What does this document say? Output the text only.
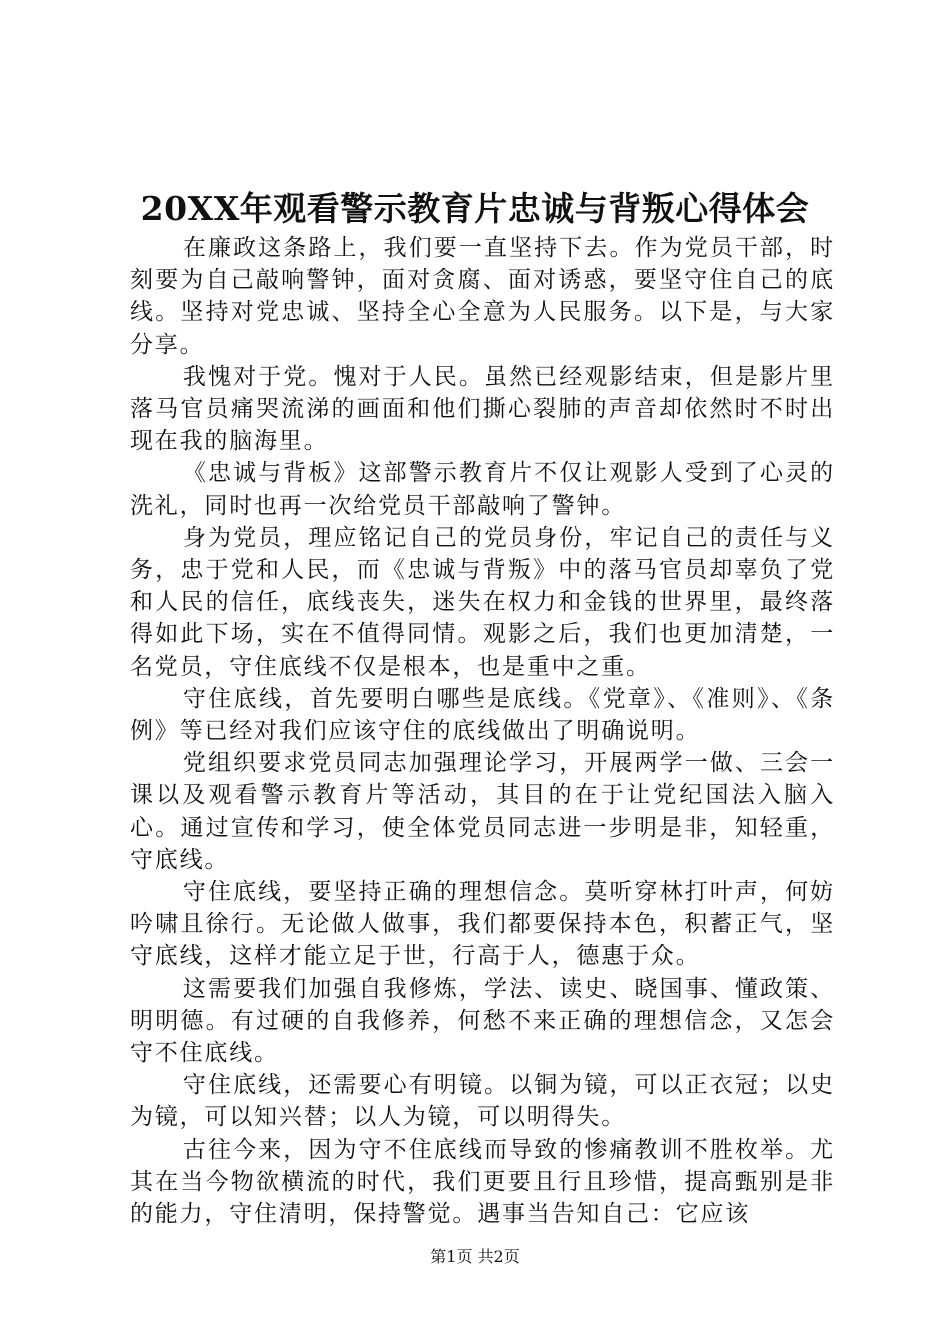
20XX年观看警示教育片忠诚与背叛心得体会

在廉政这条路上，我们要一直坚持下去。作为党员干部，时刻要为自己敲响警钟，面对贪腐、面对诱惑，要坚守住自己的底线。坚持对党忠诚、坚持全心全意为人民服务。以下是，与大家分享。

我愧对于党。愧对于人民。虽然已经观影结束，但是影片里落马官员痛哭流涕的画面和他们撕心裂肺的声音却依然时不时出现在我的脑海里。

《忠诚与背板》这部警示教育片不仅让观影人受到了心灵的洗礼，同时也再一次给党员干部敲响了警钟。

身为党员，理应铭记自己的党员身份，牢记自己的责任与义务，忠于党和人民，而《忠诚与背叛》中的落马官员却辜负了党和人民的信任，底线丧失，迷失在权力和金钱的世界里，最终落得如此下场，实在不值得同情。观影之后，我们也更加清楚，一名党员，守住底线不仅是根本，也是重中之重。

守住底线，首先要明白哪些是底线。《党章》、《准则》、《条例》等已经对我们应该守住的底线做出了明确说明。

党组织要求党员同志加强理论学习，开展两学一做、三会一课以及观看警示教育片等活动，其目的在于让党纪国法入脑入心。通过宣传和学习，使全体党员同志进一步明是非，知轻重，守底线。

守住底线，要坚持正确的理想信念。莫听穿林打叶声，何妨吟啸且徐行。无论做人做事，我们都要保持本色，积蓄正气，坚守底线，这样才能立足于世，行高于人，德惠于众。

这需要我们加强自我修炼，学法、读史、晓国事、懂政策、明明德。有过硬的自我修养，何愁不来正确的理想信念，又怎会守不住底线。

守住底线，还需要心有明镜。以铜为镜，可以正衣冠；以史为镜，可以知兴替；以人为镜，可以明得失。

古往今来，因为守不住底线而导致的惨痛教训不胜枚举。尤其在当今物欲横流的时代，我们更要且行且珍惜，提高甄别是非的能力，守住清明，保持警觉。遇事当告知自己：它应该

第1页 共2页
